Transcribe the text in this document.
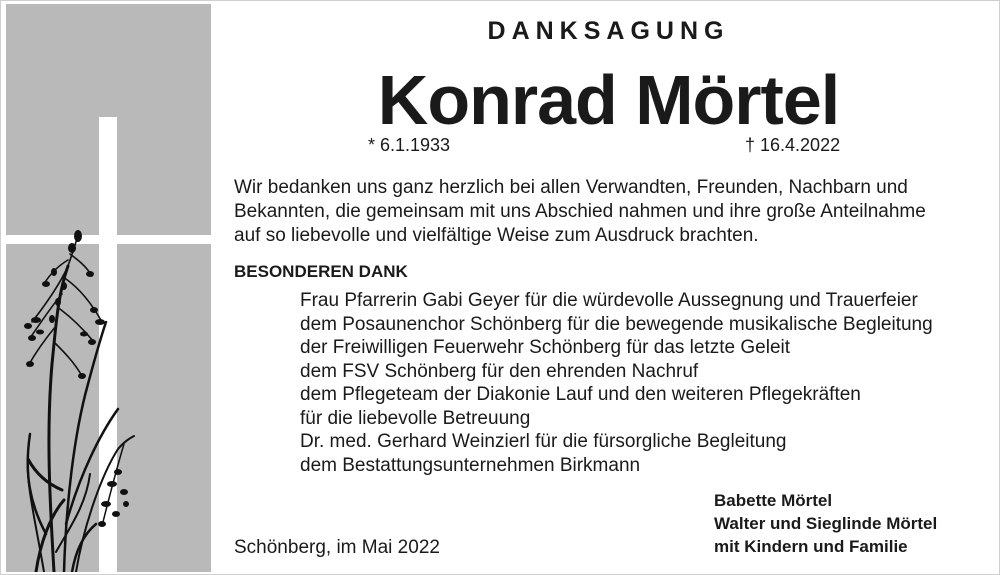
DANKSAGUNG
Konrad Mörtel
* 6.1.1933	† 16.4.2022

Wir bedanken uns ganz herzlich bei allen Verwandten, Freunden, Nachbarn und
Bekannten, die gemeinsam mit uns Abschied nahmen und ihre große Anteilnahme
auf so liebevolle und vielfältige Weise zum Ausdruck brachten.

BESONDEREN DANK
Frau Pfarrerin Gabi Geyer für die würdevolle Aussegnung und Trauerfeier
dem Posaunenchor Schönberg für die bewegende musikalische Begleitung
der Freiwilligen Feuerwehr Schönberg für das letzte Geleit
dem FSV Schönberg für den ehrenden Nachruf
dem Pflegeteam der Diakonie Lauf und den weiteren Pflegekräften
für die liebevolle Betreuung
Dr. med. Gerhard Weinzierl für die fürsorgliche Begleitung
dem Bestattungsunternehmen Birkmann
Schönberg, im Mai 2022
Babette Mörtel
Walter und Sieglinde Mörtel
mit Kindern und Familie
